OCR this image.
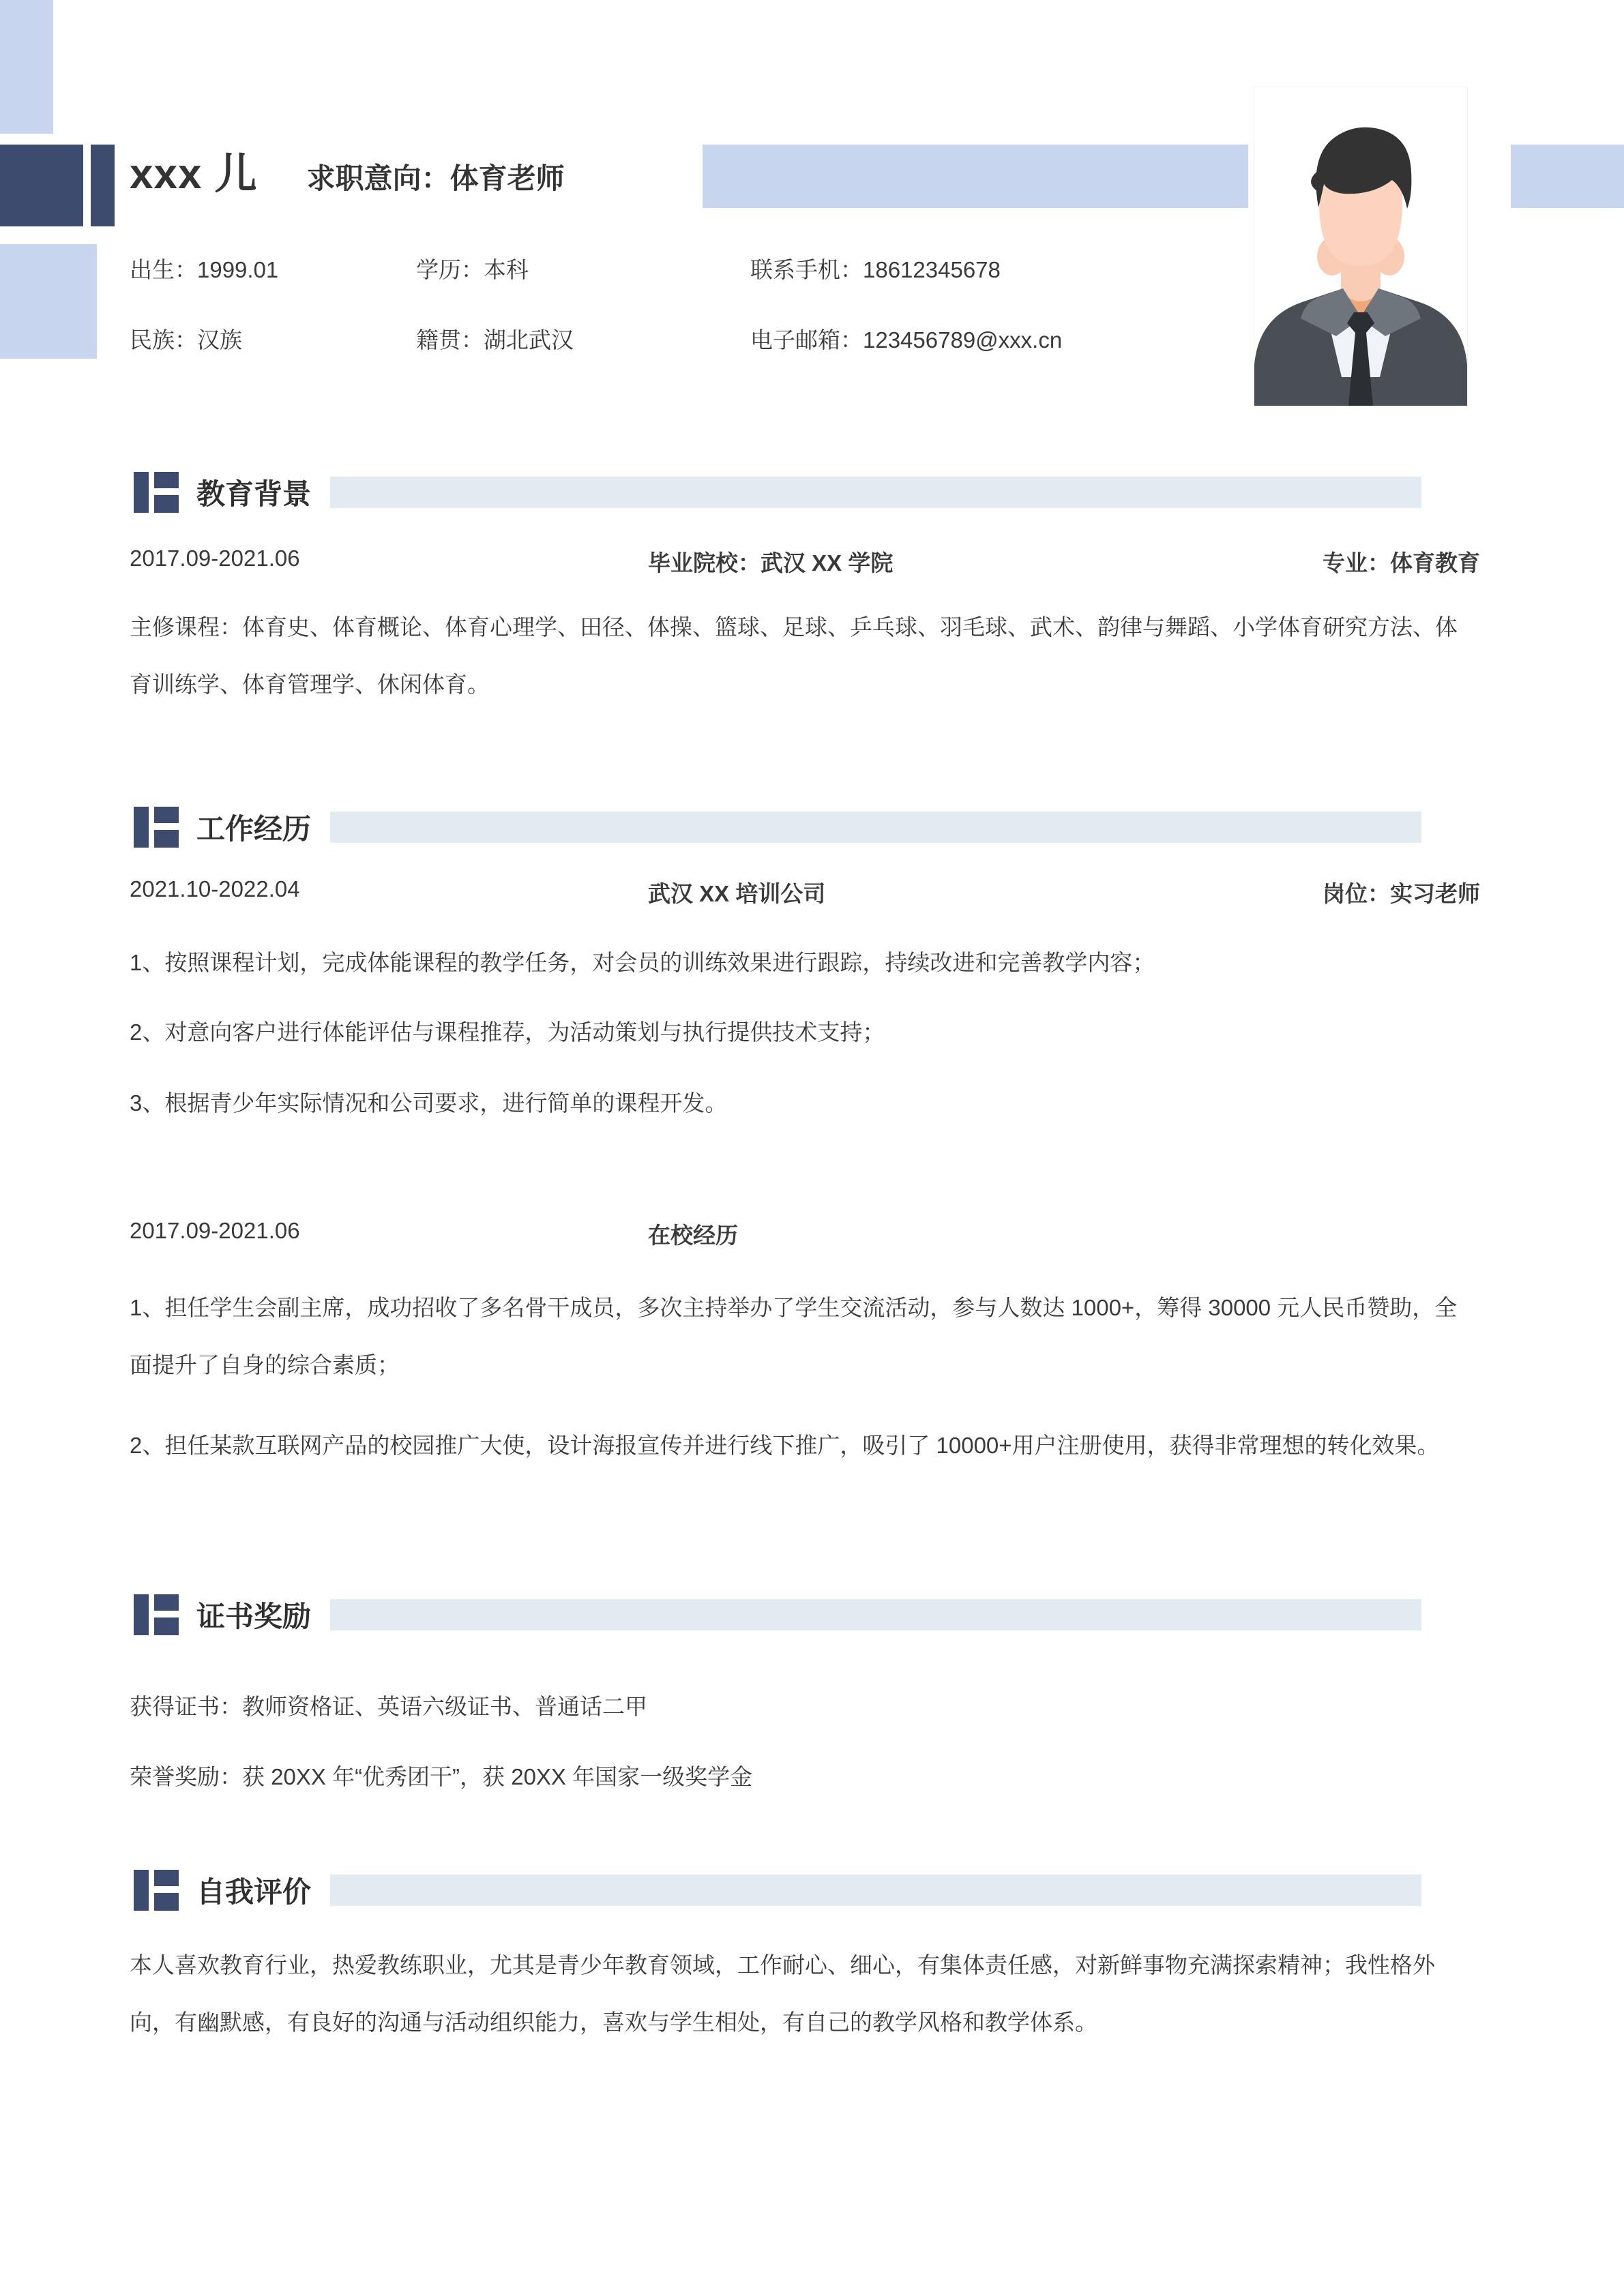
xxx 儿 求职意向：体育老师
出生：1999.01	学历：本科	联系手机：18612345678
民族：汉族	籍贯：湖北武汉	电子邮箱：123456789@xxx.cn
教育背景
2017.09-2021.06	毕业院校：武汉 XX 学院	专业：体育教育
主修课程：体育史、体育概论、体育心理学、田径、体操、篮球、足球、乒乓球、羽毛球、武术、韵律与舞蹈、小学体育研究方法、体育训练学、体育管理学、休闲体育。
工作经历
2021.10-2022.04	武汉 XX 培训公司	岗位：实习老师
1、按照课程计划，完成体能课程的教学任务，对会员的训练效果进行跟踪，持续改进和完善教学内容；
2、对意向客户进行体能评估与课程推荐，为活动策划与执行提供技术支持；
3、根据青少年实际情况和公司要求，进行简单的课程开发。
2017.09-2021.06	在校经历
1、担任学生会副主席，成功招收了多名骨干成员，多次主持举办了学生交流活动，参与人数达 1000+，筹得 30000 元人民币赞助，全面提升了自身的综合素质；
2、担任某款互联网产品的校园推广大使，设计海报宣传并进行线下推广，吸引了 10000+用户注册使用，获得非常理想的转化效果。
证书奖励
获得证书：教师资格证、英语六级证书、普通话二甲
荣誉奖励：获 20XX 年“优秀团干”，获 20XX 年国家一级奖学金
自我评价
本人喜欢教育行业，热爱教练职业，尤其是青少年教育领域，工作耐心、细心，有集体责任感，对新鲜事物充满探索精神；我性格外向，有幽默感，有良好的沟通与活动组织能力，喜欢与学生相处，有自己的教学风格和教学体系。
